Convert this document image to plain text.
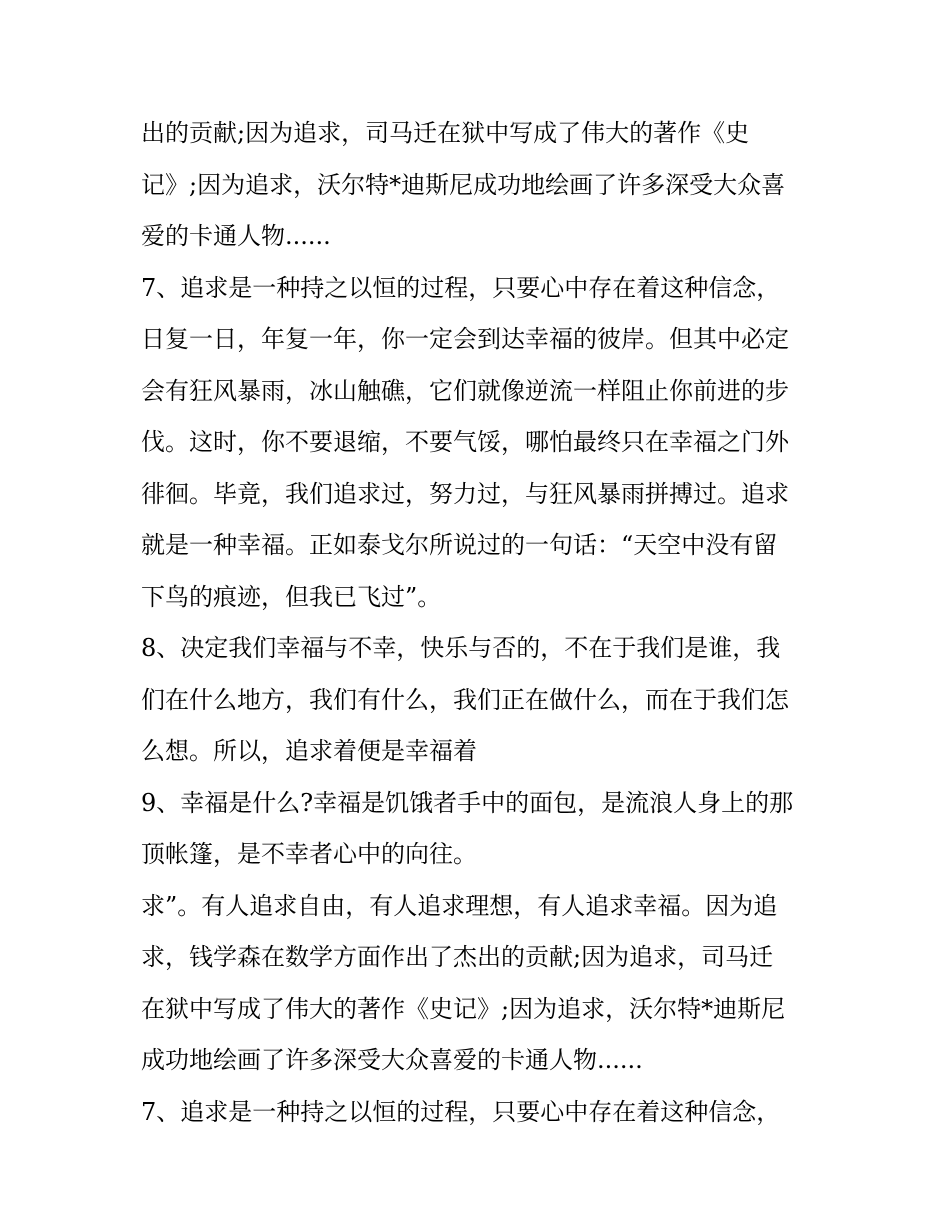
出的贡献;因为追求，司马迁在狱中写成了伟大的著作《史
记》;因为追求，沃尔特*迪斯尼成功地绘画了许多深受大众喜
爱的卡通人物......
7、追求是一种持之以恒的过程，只要心中存在着这种信念，
日复一日，年复一年，你一定会到达幸福的彼岸。但其中必定
会有狂风暴雨，冰山触礁，它们就像逆流一样阻止你前进的步
伐。这时，你不要退缩，不要气馁，哪怕最终只在幸福之门外
徘徊。毕竟，我们追求过，努力过，与狂风暴雨拼搏过。追求
就是一种幸福。正如泰戈尔所说过的一句话：“天空中没有留
下鸟的痕迹，但我已飞过”。
8、决定我们幸福与不幸，快乐与否的，不在于我们是谁，我
们在什么地方，我们有什么，我们正在做什么，而在于我们怎
么想。所以，追求着便是幸福着
9、幸福是什么?幸福是饥饿者手中的面包，是流浪人身上的那
顶帐篷，是不幸者心中的向往。
求”。有人追求自由，有人追求理想，有人追求幸福。因为追
求，钱学森在数学方面作出了杰出的贡献;因为追求，司马迁
在狱中写成了伟大的著作《史记》;因为追求，沃尔特*迪斯尼
成功地绘画了许多深受大众喜爱的卡通人物......
7、追求是一种持之以恒的过程，只要心中存在着这种信念，
